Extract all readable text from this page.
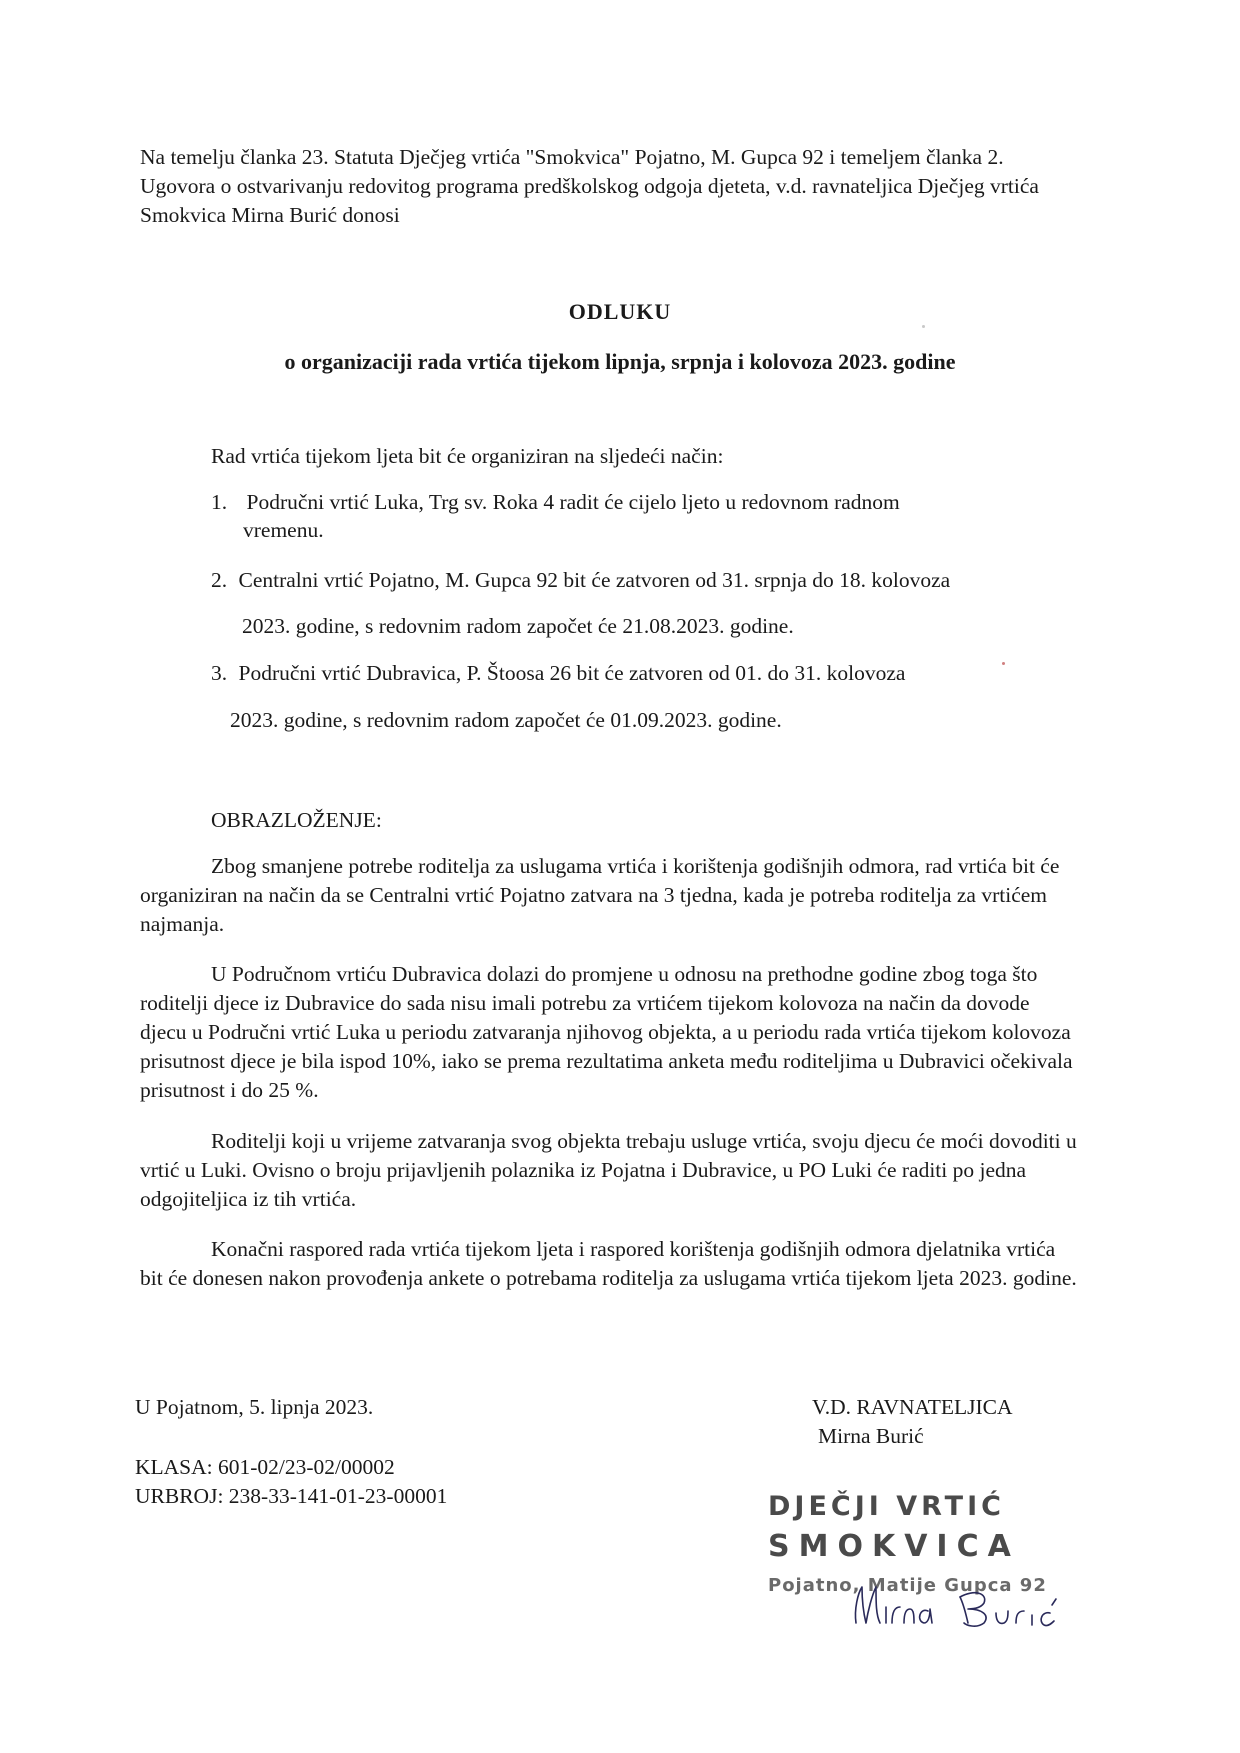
Na temelju članka 23. Statuta Dječjeg vrtića "Smokvica" Pojatno, M. Gupca 92 i temeljem članka 2. Ugovora o ostvarivanju redovitog programa predškolskog odgoja djeteta, v.d. ravnateljica Dječjeg vrtića Smokvica Mirna Burić donosi

ODLUKU
o organizaciji rada vrtića tijekom lipnja, srpnja i kolovoza 2023. godine
Rad vrtića tijekom ljeta bit će organiziran na sljedeći način:
1. Područni vrtić Luka, Trg sv. Roka 4 radit će cijelo ljeto u redovnom radnom
vremenu.
2. Centralni vrtić Pojatno, M. Gupca 92 bit će zatvoren od 31. srpnja do 18. kolovoza
2023. godine, s redovnim radom započet će 21.08.2023. godine.
3. Područni vrtić Dubravica, P. Štoosa 26 bit će zatvoren od 01. do 31. kolovoza
2023. godine, s redovnim radom započet će 01.09.2023. godine.
OBRAZLOŽENJE:

Zbog smanjene potrebe roditelja za uslugama vrtića i korištenja godišnjih odmora, rad vrtića bit će organiziran na način da se Centralni vrtić Pojatno zatvara na 3 tjedna, kada je potreba roditelja za vrtićem najmanja.

U Područnom vrtiću Dubravica dolazi do promjene u odnosu na prethodne godine zbog toga što roditelji djece iz Dubravice do sada nisu imali potrebu za vrtićem tijekom kolovoza na način da dovode djecu u Područni vrtić Luka u periodu zatvaranja njihovog objekta, a u periodu rada vrtića tijekom kolovoza prisutnost djece je bila ispod 10%, iako se prema rezultatima anketa među roditeljima u Dubravici očekivala prisutnost i do 25 %.

Roditelji koji u vrijeme zatvaranja svog objekta trebaju usluge vrtića, svoju djecu će moći dovoditi u vrtić u Luki. Ovisno o broju prijavljenih polaznika iz Pojatna i Dubravice, u PO Luki će raditi po jedna odgojiteljica iz tih vrtića.

Konačni raspored rada vrtića tijekom ljeta i raspored korištenja godišnjih odmora djelatnika vrtića bit će donesen nakon provođenja ankete o potrebama roditelja za uslugama vrtića tijekom ljeta 2023. godine.

U Pojatnom, 5. lipnja 2023.
KLASA: 601-02/23-02/00002
URBROJ: 238-33-141-01-23-00001
V.D. RAVNATELJICA
Mirna Burić
DJEČJI VRTIĆ
SMOKVICA
Pojatno, Matije Gupca 92
